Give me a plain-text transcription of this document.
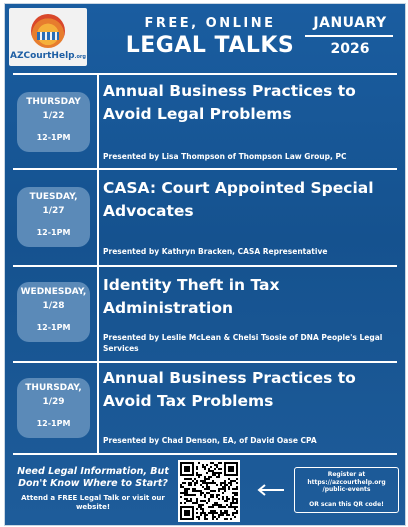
AZCourtHelp.org
FREE, ONLINE
LEGAL TALKS
JANUARY
2026
THURSDAY
1/22
12-1PM
Annual Business Practices to Avoid Legal Problems
Presented by Lisa Thompson of Thompson Law Group, PC
TUESDAY,
1/27
12-1PM
CASA: Court Appointed Special Advocates
Presented by Kathryn Bracken, CASA Representative
WEDNESDAY,
1/28
12-1PM
Identity Theft in Tax Administration
Presented by Leslie McLean & Chelsi Tsosie of DNA People's Legal Services
THURSDAY,
1/29
12-1PM
Annual Business Practices to Avoid Tax Problems
Presented by Chad Denson, EA, of David Oase CPA
Need Legal Information, But Don't Know Where to Start?
Attend a FREE Legal Talk or visit our website!
Register at https://azcourthelp.org /public-events
OR scan this QR code!
